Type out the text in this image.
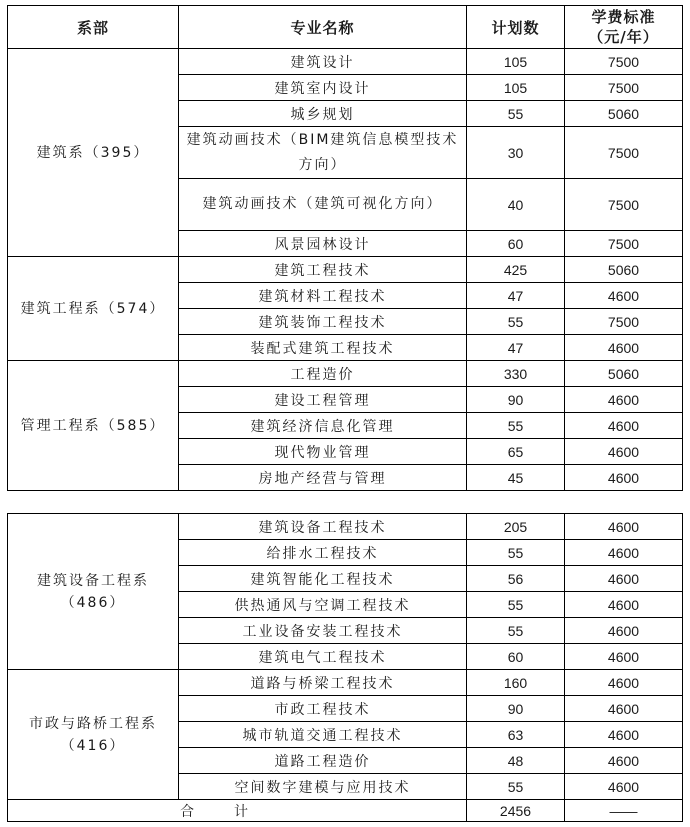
系部	专业名称	计划数	学费标准
（元/年）
建筑系（395）	建筑设计	105	7500
	建筑室内设计	105	7500
	城乡规划	55	5060
	建筑动画技术（BIM建筑信息模型技术方向）	30	7500
	建筑动画技术（建筑可视化方向）	40	7500
	风景园林设计	60	7500
建筑工程系（574）	建筑工程技术	425	5060
	建筑材料工程技术	47	4600
	建筑装饰工程技术	55	7500
	装配式建筑工程技术	47	4600
管理工程系（585）	工程造价	330	5060
	建设工程管理	90	4600
	建筑经济信息化管理	55	4600
	现代物业管理	65	4600
	房地产经营与管理	45	4600
建筑设备工程系 （486）	建筑设备工程技术	205	4600
	给排水工程技术	55	4600
	建筑智能化工程技术	56	4600
	供热通风与空调工程技术	55	4600
	工业设备安装工程技术	55	4600
	建筑电气工程技术	60	4600
市政与路桥工程系（416）	道路与桥梁工程技术	160	4600
	市政工程技术	90	4600
	城市轨道交通工程技术	63	4600
	道路工程造价	48	4600
	空间数字建模与应用技术	55	4600
合计		2456	——
